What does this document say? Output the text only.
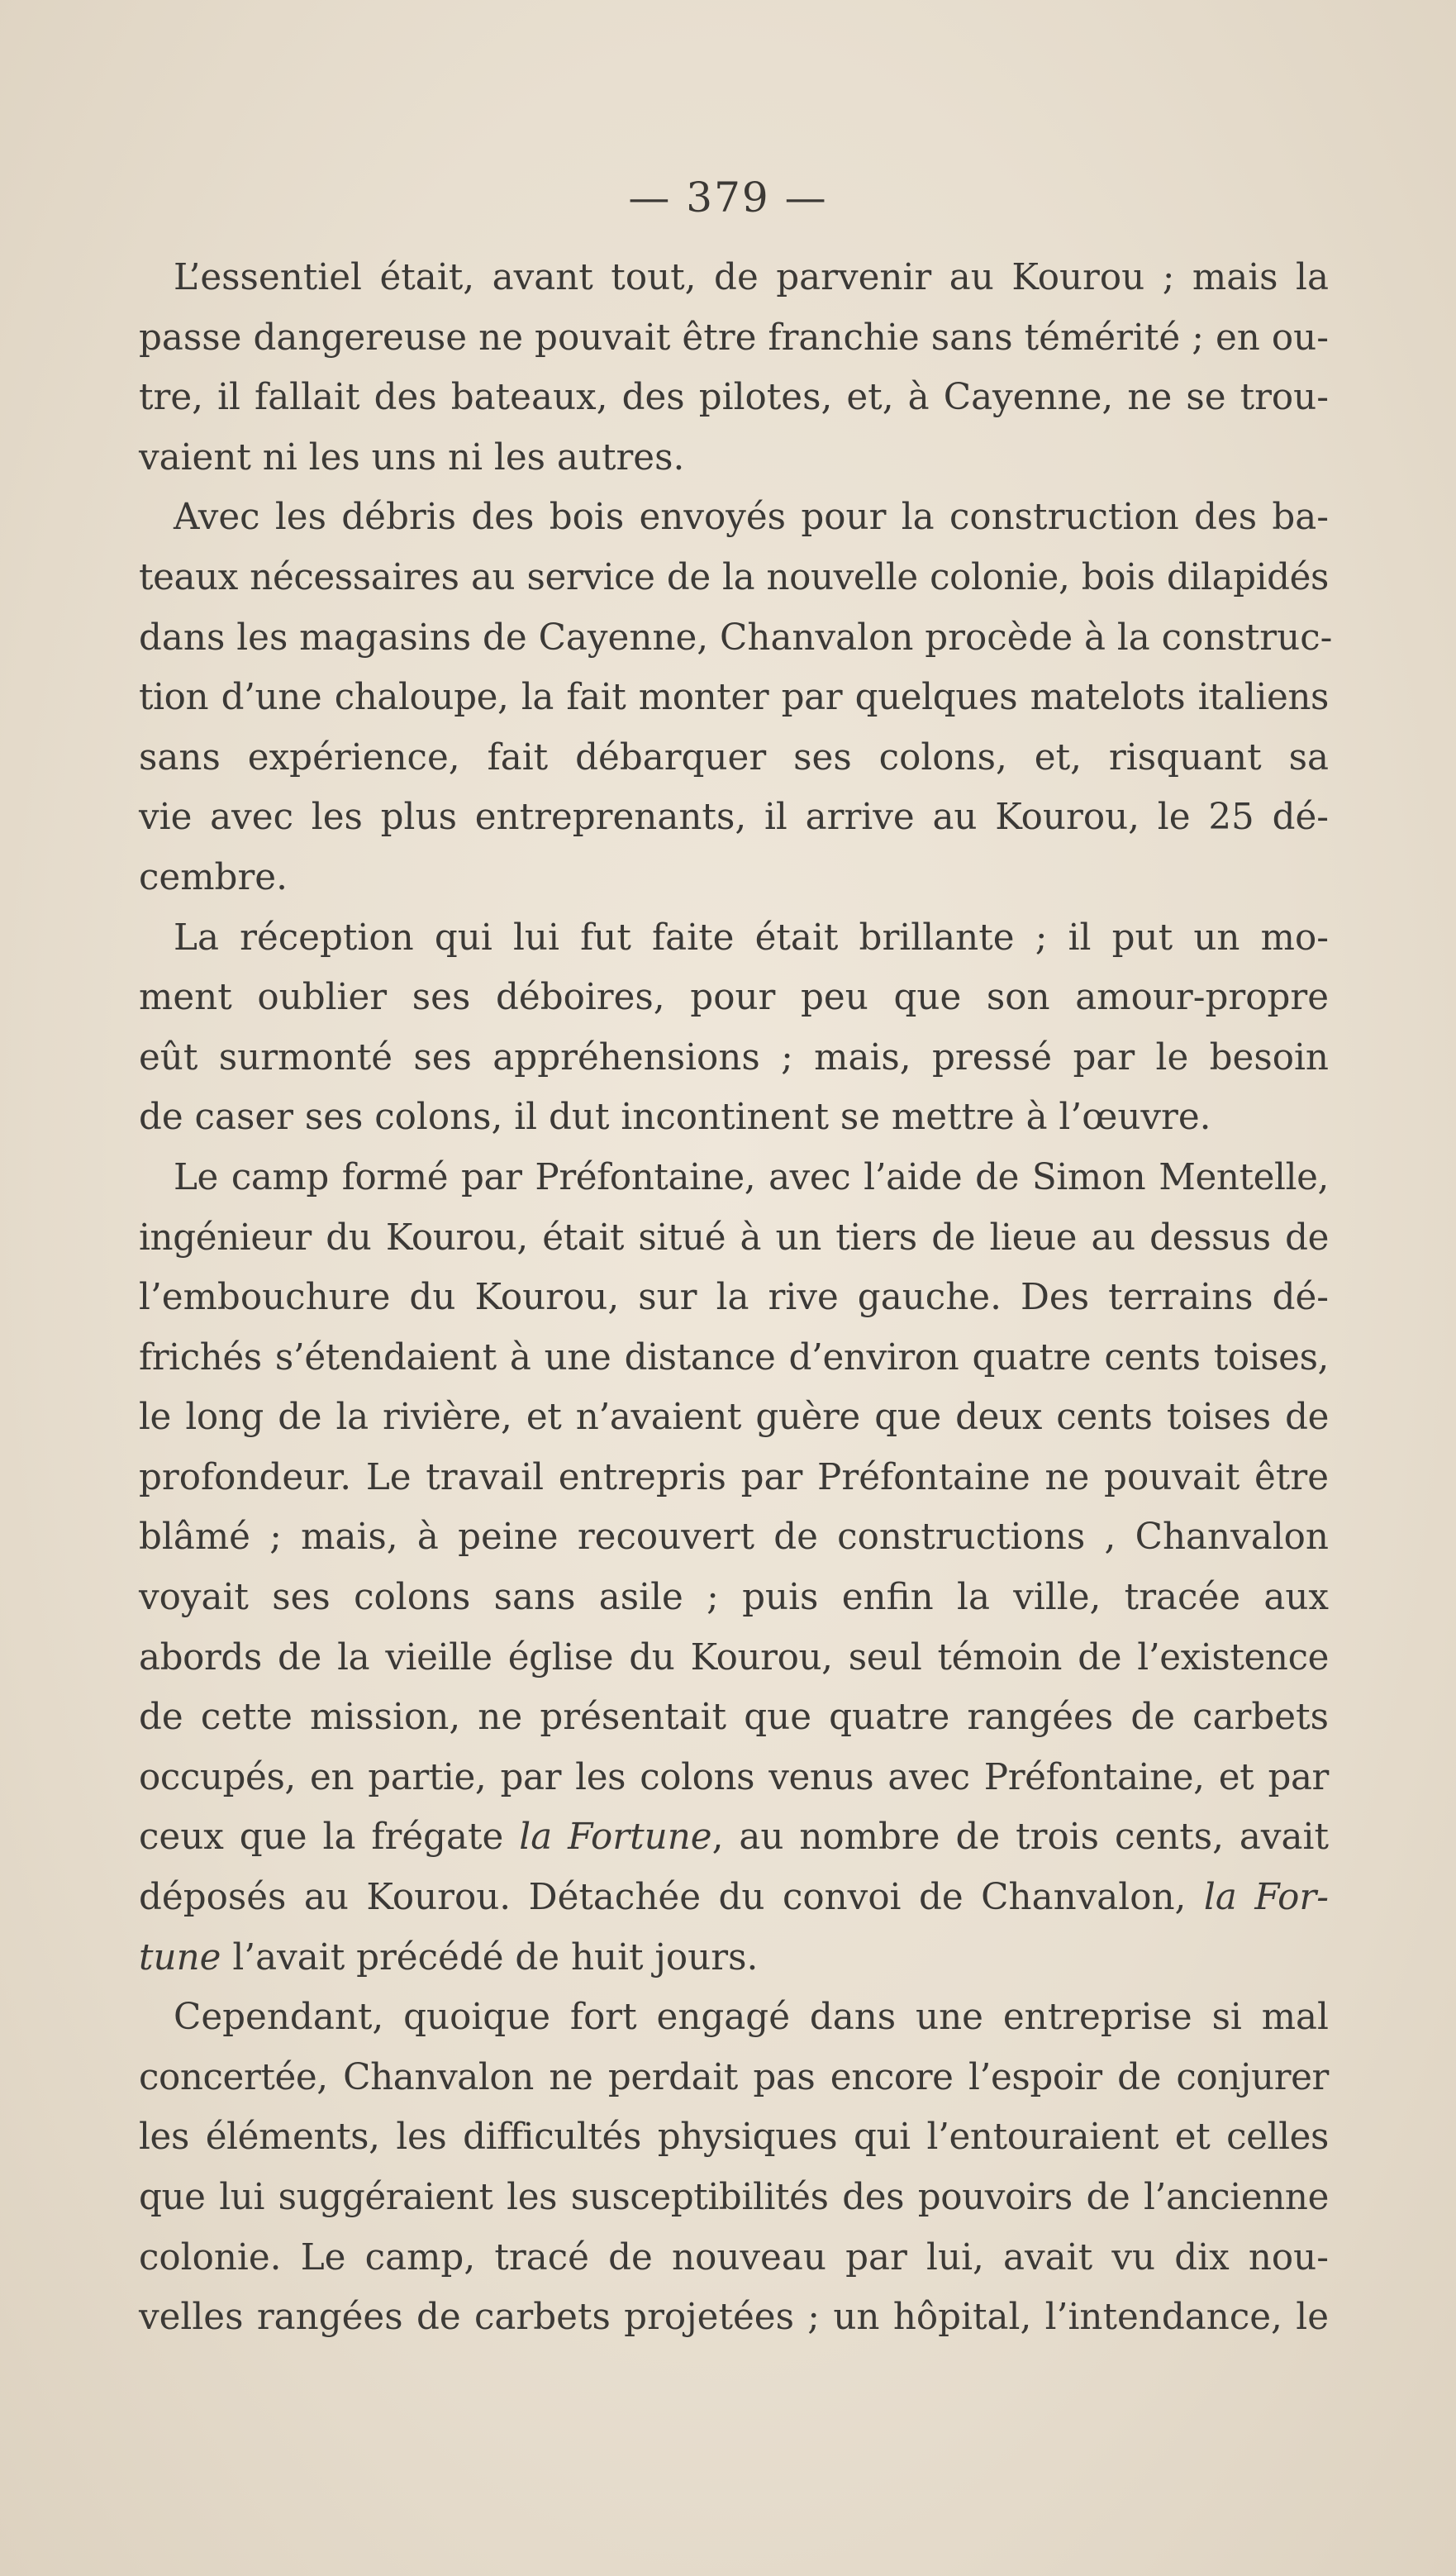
— 379 —

L’essentiel était, avant tout, de parvenir au Kourou ; mais la
passe dangereuse ne pouvait être franchie sans témérité ; en ou-
tre, il fallait des bateaux, des pilotes, et, à Cayenne, ne se trou-
vaient ni les uns ni les autres.

Avec les débris des bois envoyés pour la construction des ba-
teaux nécessaires au service de la nouvelle colonie, bois dilapidés
dans les magasins de Cayenne, Chanvalon procède à la construc-
tion d’une chaloupe, la fait monter par quelques matelots italiens
sans expérience, fait débarquer ses colons, et, risquant sa
vie avec les plus entreprenants, il arrive au Kourou, le 25 dé-
cembre.

La réception qui lui fut faite était brillante ; il put un mo-
ment oublier ses déboires, pour peu que son amour-propre
eût surmonté ses appréhensions ; mais, pressé par le besoin
de caser ses colons, il dut incontinent se mettre à l’œuvre.

Le camp formé par Préfontaine, avec l’aide de Simon Mentelle,
ingénieur du Kourou, était situé à un tiers de lieue au dessus de
l’embouchure du Kourou, sur la rive gauche. Des terrains dé-
frichés s’étendaient à une distance d’environ quatre cents toises,
le long de la rivière, et n’avaient guère que deux cents toises de
profondeur. Le travail entrepris par Préfontaine ne pouvait être
blâmé ; mais, à peine recouvert de constructions , Chanvalon
voyait ses colons sans asile ; puis enfin la ville, tracée aux
abords de la vieille église du Kourou, seul témoin de l’existence
de cette mission, ne présentait que quatre rangées de carbets
occupés, en partie, par les colons venus avec Préfontaine, et par
ceux que la frégate la Fortune, au nombre de trois cents, avait
déposés au Kourou. Détachée du convoi de Chanvalon, la For-
tune l’avait précédé de huit jours.

Cependant, quoique fort engagé dans une entreprise si mal
concertée, Chanvalon ne perdait pas encore l’espoir de conjurer
les éléments, les difficultés physiques qui l’entouraient et celles
que lui suggéraient les susceptibilités des pouvoirs de l’ancienne
colonie. Le camp, tracé de nouveau par lui, avait vu dix nou-
velles rangées de carbets projetées ; un hôpital, l’intendance, le
